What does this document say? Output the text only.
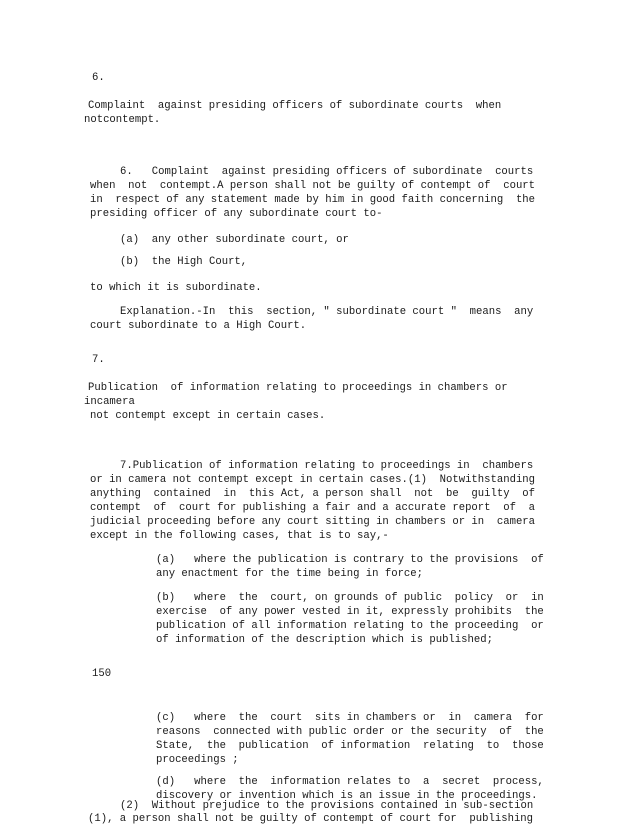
6.
Complaint  against presiding officers of subordinate courts  when
notcontempt.
6.   Complaint  against presiding officers of subordinate  courts
when  not  contempt.A person shall not be guilty of contempt of  court
in  respect of any statement made by him in good faith concerning  the
presiding officer of any subordinate court to-
(a)  any other subordinate court, or
(b)  the High Court,
to which it is subordinate.
Explanation.-In  this  section, " subordinate court "  means  any
court subordinate to a High Court.
7.
Publication  of information relating to proceedings in chambers or
incamera
not contempt except in certain cases.
7.Publication of information relating to proceedings in  chambers
or in camera not contempt except in certain cases.(1)  Notwithstanding
anything  contained  in  this Act, a person shall  not  be  guilty  of
contempt  of  court for publishing a fair and a accurate report  of  a
judicial proceeding before any court sitting in chambers or in  camera
except in the following cases, that is to say,-
(a)   where the publication is contrary to the provisions  of
any enactment for the time being in force;
(b)   where  the  court, on grounds of public  policy  or  in
exercise  of any power vested in it, expressly prohibits  the
publication of all information relating to the proceeding  or
of information of the description which is published;
150
(c)   where  the  court  sits in chambers or  in  camera  for
reasons  connected with public order or the security  of  the
State,  the  publication  of information  relating  to  those
proceedings ;
(d)   where  the  information relates to  a  secret  process,
discovery or invention which is an issue in the proceedings.
(2)  Without prejudice to the provisions contained in sub-section
(1), a person shall not be guilty of contempt of court for  publishing
